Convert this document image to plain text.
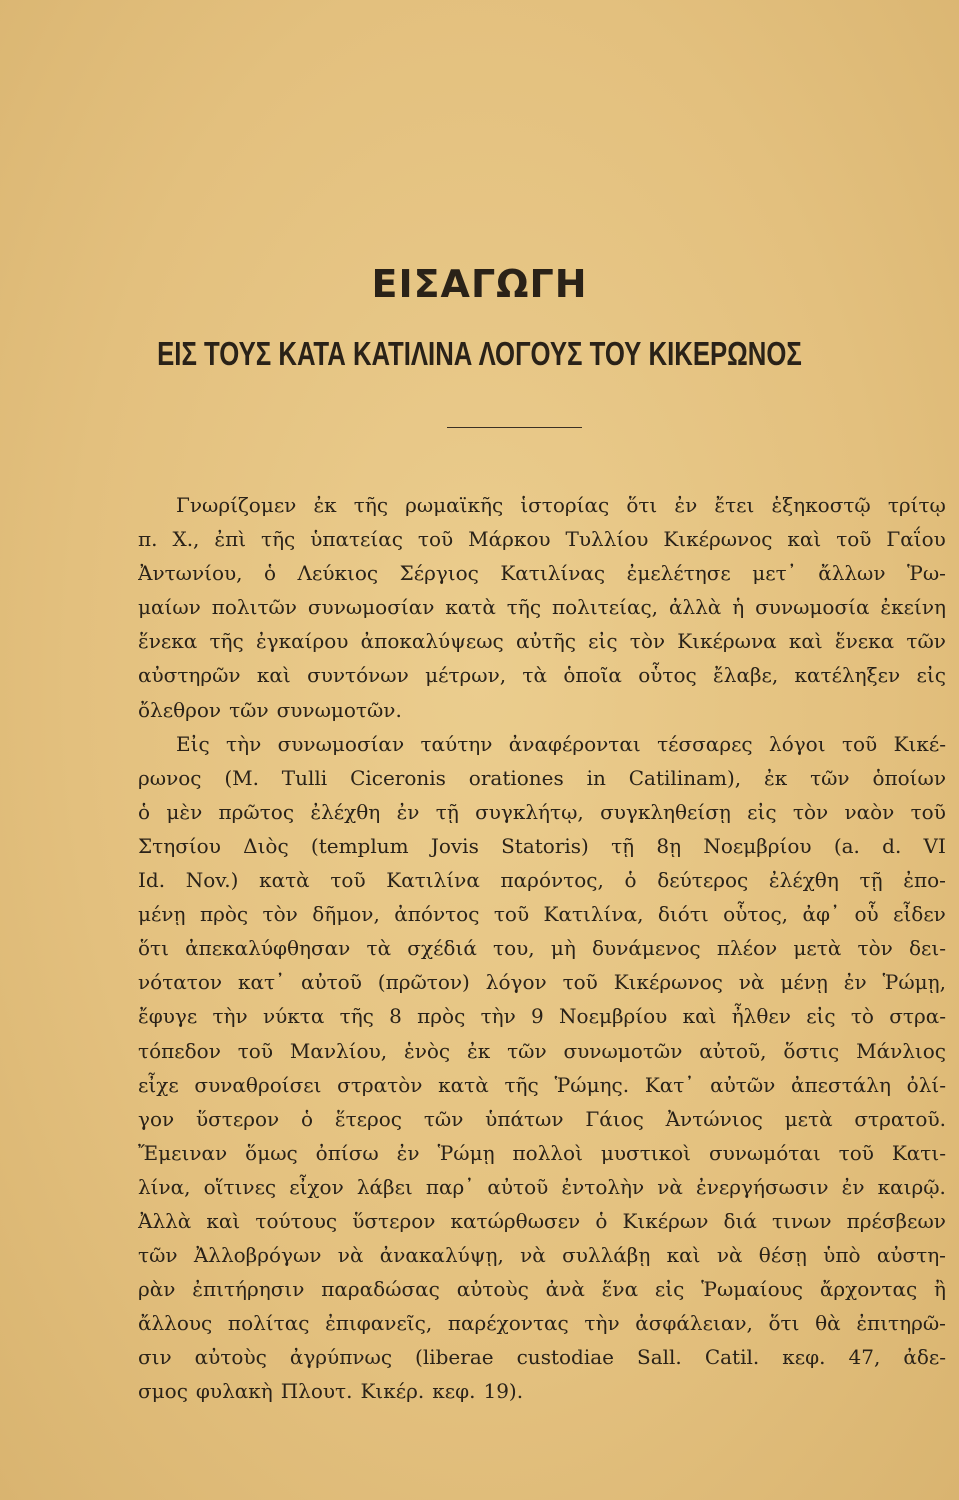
ΕΙΣΑΓΩΓΗ
ΕΙΣ ΤΟΥΣ ΚΑΤΑ ΚΑΤΙΛΙΝΑ ΛΟΓΟΥΣ ΤΟΥ ΚΙΚΕΡΩΝΟΣ
Γνωρίζομεν ἐκ τῆς ρωμαϊκῆς ἱστορίας ὅτι ἐν ἔτει ἑξηκοστῷ τρίτῳ
π. Χ., ἐπὶ τῆς ὑπατείας τοῦ Μάρκου Τυλλίου Κικέρωνος καὶ τοῦ Γαΐου
Ἀντωνίου, ὁ Λεύκιος Σέργιος Κατιλίνας ἐμελέτησε μετ᾽ ἄλλων Ῥω-
μαίων πολιτῶν συνωμοσίαν κατὰ τῆς πολιτείας, ἀλλὰ ἡ συνωμοσία ἐκείνη
ἕνεκα τῆς ἐγκαίρου ἀποκαλύψεως αὐτῆς εἰς τὸν Κικέρωνα καὶ ἕνεκα τῶν
αὐστηρῶν καὶ συντόνων μέτρων, τὰ ὁποῖα οὗτος ἔλαβε, κατέληξεν εἰς
ὄλεθρον τῶν συνωμοτῶν.
Εἰς τὴν συνωμοσίαν ταύτην ἀναφέρονται τέσσαρες λόγοι τοῦ Κικέ-
ρωνος (M. Tulli Ciceronis orationes in Catilinam), ἐκ τῶν ὁποίων
ὁ μὲν πρῶτος ἐλέχθη ἐν τῇ συγκλήτῳ, συγκληθείσῃ εἰς τὸν ναὸν τοῦ
Στησίου Διὸς (templum Jovis Statoris) τῇ 8ῃ Νοεμβρίου (a. d. VI
Id. Nov.) κατὰ τοῦ Κατιλίνα παρόντος, ὁ δεύτερος ἐλέχθη τῇ ἐπο-
μένῃ πρὸς τὸν δῆμον, ἀπόντος τοῦ Κατιλίνα, διότι οὗτος, ἀφ᾽ οὗ εἶδεν
ὅτι ἀπεκαλύφθησαν τὰ σχέδιά του, μὴ δυνάμενος πλέον μετὰ τὸν δει-
νότατον κατ᾽ αὐτοῦ (πρῶτον) λόγον τοῦ Κικέρωνος νὰ μένῃ ἐν Ῥώμῃ,
ἔφυγε τὴν νύκτα τῆς 8 πρὸς τὴν 9 Νοεμβρίου καὶ ἦλθεν εἰς τὸ στρα-
τόπεδον τοῦ Μανλίου, ἑνὸς ἐκ τῶν συνωμοτῶν αὐτοῦ, ὅστις Μάνλιος
εἶχε συναθροίσει στρατὸν κατὰ τῆς Ῥώμης. Κατ᾽ αὐτῶν ἀπεστάλη ὀλί-
γον ὕστερον ὁ ἕτερος τῶν ὑπάτων Γάιος Ἀντώνιος μετὰ στρατοῦ.
Ἔμειναν ὅμως ὀπίσω ἐν Ῥώμῃ πολλοὶ μυστικοὶ συνωμόται τοῦ Κατι-
λίνα, οἵτινες εἶχον λάβει παρ᾽ αὐτοῦ ἐντολὴν νὰ ἐνεργήσωσιν ἐν καιρῷ.
Ἀλλὰ καὶ τούτους ὕστερον κατώρθωσεν ὁ Κικέρων διά τινων πρέσβεων
τῶν Ἀλλοβρόγων νὰ ἀνακαλύψῃ, νὰ συλλάβῃ καὶ νὰ θέσῃ ὑπὸ αὐστη-
ρὰν ἐπιτήρησιν παραδώσας αὐτοὺς ἀνὰ ἕνα εἰς Ῥωμαίους ἄρχοντας ἢ
ἄλλους πολίτας ἐπιφανεῖς, παρέχοντας τὴν ἀσφάλειαν, ὅτι θὰ ἐπιτηρῶ-
σιν αὐτοὺς ἀγρύπνως (liberae custodiae Sall. Catil. κεφ. 47, ἀδε-
σμος φυλακὴ Πλουτ. Κικέρ. κεφ. 19).
